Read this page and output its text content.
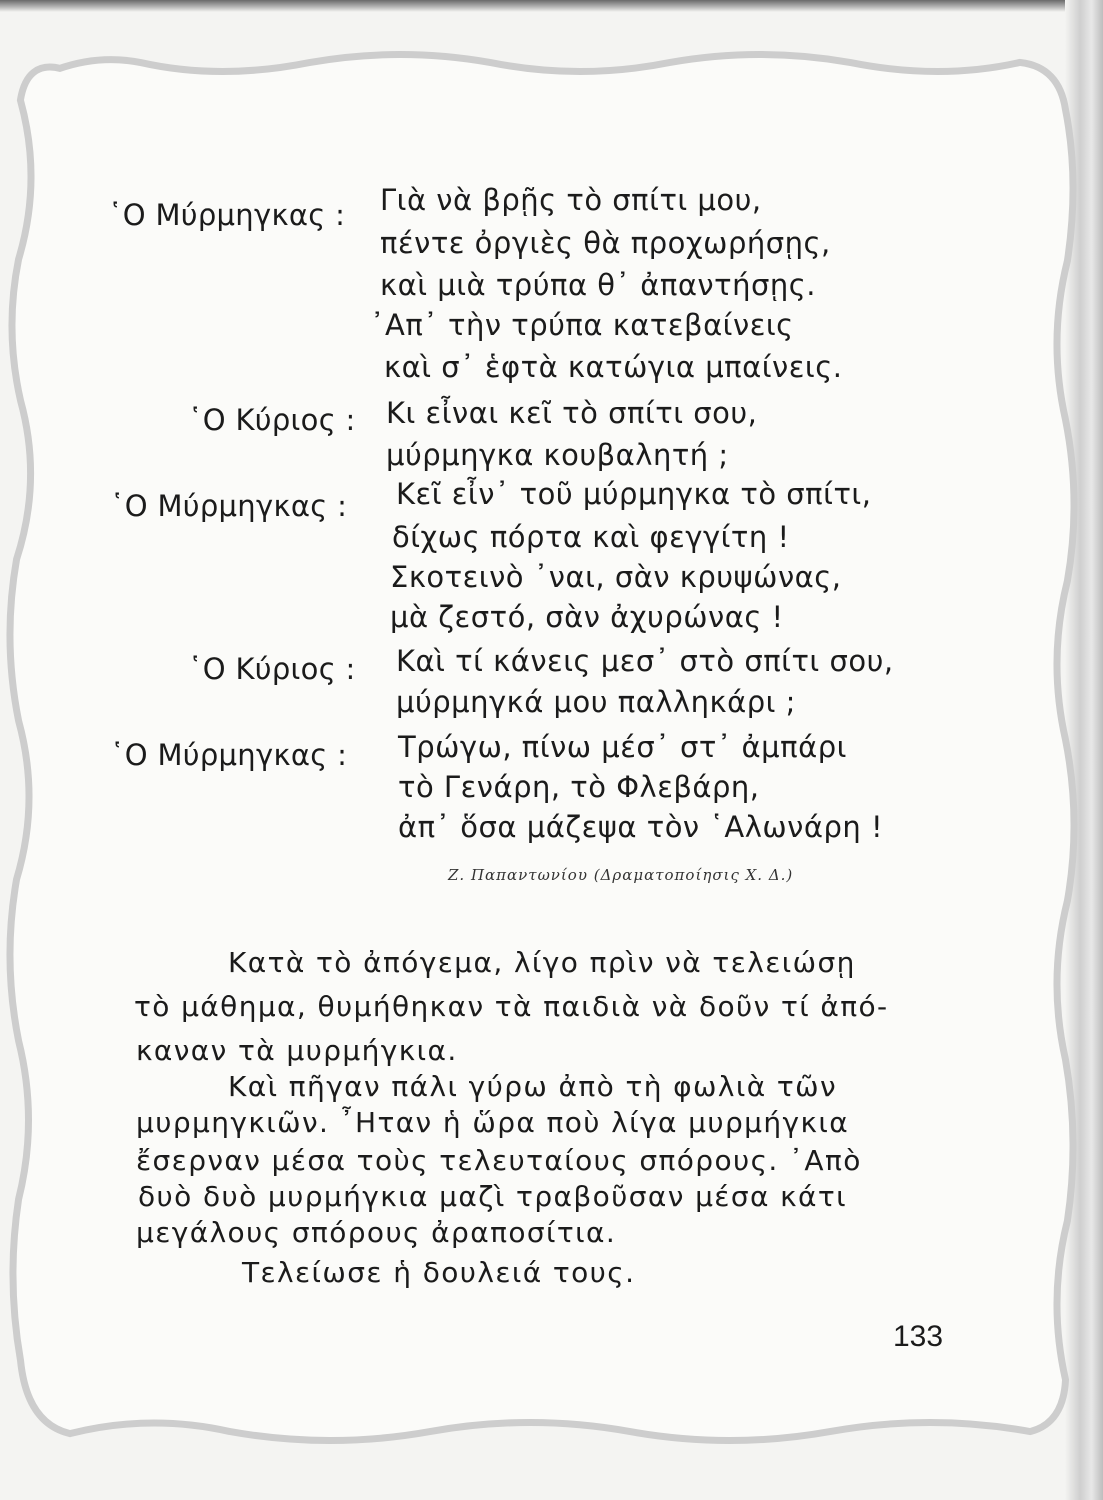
῾Ο Μύρμηγκας :
῾Ο Κύριος :
῾Ο Μύρμηγκας :
῾Ο Κύριος :
῾Ο Μύρμηγκας :
Γιὰ νὰ βρῇς τὸ σπίτι μου,
πέντε ὀργιὲς θὰ προχωρήσῃς,
καὶ μιὰ τρύπα θ᾽ ἀπαντήσῃς.
᾽Απ᾽ τὴν τρύπα κατεβαίνεις
καὶ σ᾽ ἑφτὰ κατώγια μπαίνεις.
Κι εἶναι κεῖ τὸ σπίτι σου,
μύρμηγκα κουβαλητή ;
Κεῖ εἶν᾽ τοῦ μύρμηγκα τὸ σπίτι,
δίχως πόρτα καὶ φεγγίτη !
Σκοτεινὸ ᾽ναι, σὰν κρυψώνας,
μὰ ζεστό, σὰν ἀχυρώνας !
Καὶ τί κάνεις μεσ᾽ στὸ σπίτι σου,
μύρμηγκά μου παλληκάρι ;
Τρώγω, πίνω μέσ᾽ στ᾽ ἀμπάρι
τὸ Γενάρη, τὸ Φλεβάρη,
ἀπ᾽ ὅσα μάζεψα τὸν ῾Αλωνάρη !
Ζ. Παπαντωνίου (Δραματοποίησις Χ. Δ.)
Κατὰ τὸ ἀπόγεμα, λίγο πρὶν νὰ τελειώσῃ
τὸ μάθημα, θυμήθηκαν τὰ παιδιὰ νὰ δοῦν τί ἀπό-
καναν τὰ μυρμήγκια.
Καὶ πῆγαν πάλι γύρω ἀπὸ τὴ φωλιὰ τῶν
μυρμηγκιῶν. ῏Ηταν ἡ ὥρα ποὺ λίγα μυρμήγκια
ἔσερναν μέσα τοὺς τελευταίους σπόρους. ᾽Απὸ
δυὸ δυὸ μυρμήγκια μαζὶ τραβοῦσαν μέσα κάτι
μεγάλους σπόρους ἀραποσίτια.
Τελείωσε ἡ δουλειά τους.
133
